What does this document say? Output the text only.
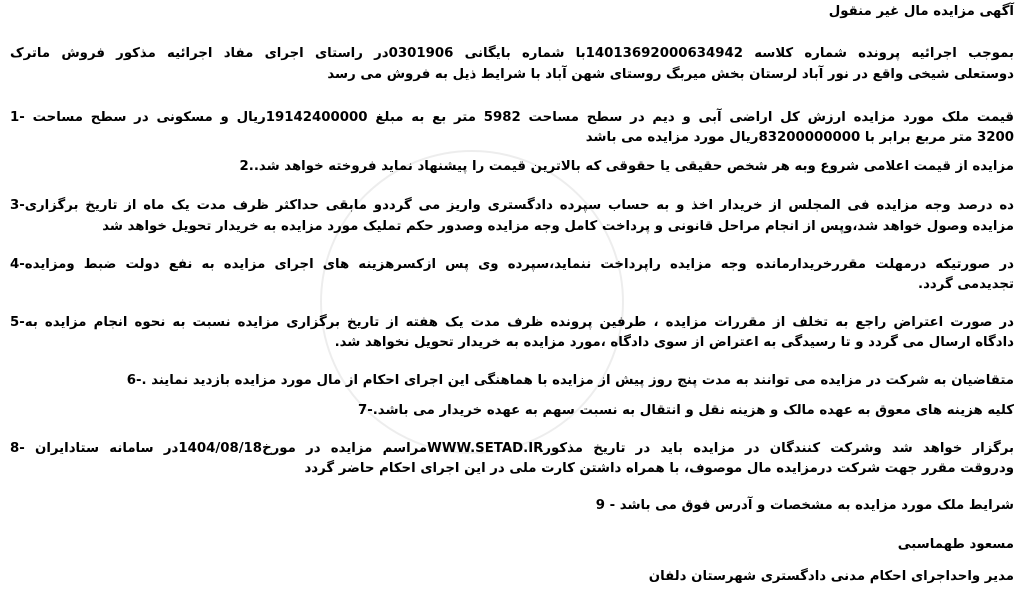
آگهی مزایده مال غیر منقول
بموجب اجرائیه پرونده شماره کلاسه 14013692000634942با شماره بایگانی 0301906در راستای اجرای مفاد اجرائیه مذکور فروش ماترک
دوستعلی شیخی واقع در نور آباد لرستان بخش میربگ روستای شهن آباد با شرایط ذیل به فروش می رسد
قیمت ملک مورد مزایده ارزش کل اراضی آبی و دیم در سطح مساحت 5982 متر بع به مبلغ 19142400000ریال و مسکونی در سطح مساحت -1
3200 متر مربع برابر با 83200000000ریال مورد مزایده می باشد
مزایده از قیمت اعلامی شروع وبه هر شخص حقیقی یا حقوقی که بالاترین قیمت را پیشنهاد نماید فروخته خواهد شد..2
ده درصد وجه مزایده فی المجلس از خریدار اخذ و به حساب سپرده دادگستری واریز می گرددو مابقی حداکثر ظرف مدت یک ماه از تاریخ برگزاری-3
مزایده وصول خواهد شد،وپس از انجام مراحل قانونی و پرداخت کامل وجه مزایده وصدور حکم تملیک مورد مزایده به خریدار تحویل خواهد شد
در صورتیکه درمهلت مقررخریدارمانده وجه مزایده راپرداخت ننماید،سپرده وی پس ازکسرهزینه های اجرای مزایده به نفع دولت ضبط ومزایده-4
تجدیدمی گردد.
در صورت اعتراض راجع به تخلف از مقررات مزایده ، طرفین پرونده ظرف مدت یک هفته از تاریخ برگزاری مزایده نسبت به نحوه انجام مزایده به-5
دادگاه ارسال می گردد و تا رسیدگی به اعتراض از سوی دادگاه ،مورد مزایده به خریدار تحویل نخواهد شد.
متقاضیان به شرکت در مزایده می توانند به مدت پنج روز پیش از مزایده با هماهنگی این اجرای احکام از مال مورد مزایده بازدید نمایند .-6
کلیه هزینه های معوق به عهده مالک و هزینه نقل و انتقال به نسبت سهم به عهده خریدار می باشد.-7
برگزار خواهد شد وشرکت کنندگان در مزایده باید در تاریخ مذکورWWW.SETAD.IRمراسم مزایده در مورخ1404/08/18در سامانه ستادایران -8
ودروقت مقرر جهت شرکت درمزایده مال موصوف، با همراه داشتن کارت ملی در این اجرای احکام حاضر گردد
شرایط ملک مورد مزایده به مشخصات و آدرس فوق می باشد - 9
مسعود طهماسبی
مدیر واحداجرای احکام مدنی دادگستری شهرستان دلفان
